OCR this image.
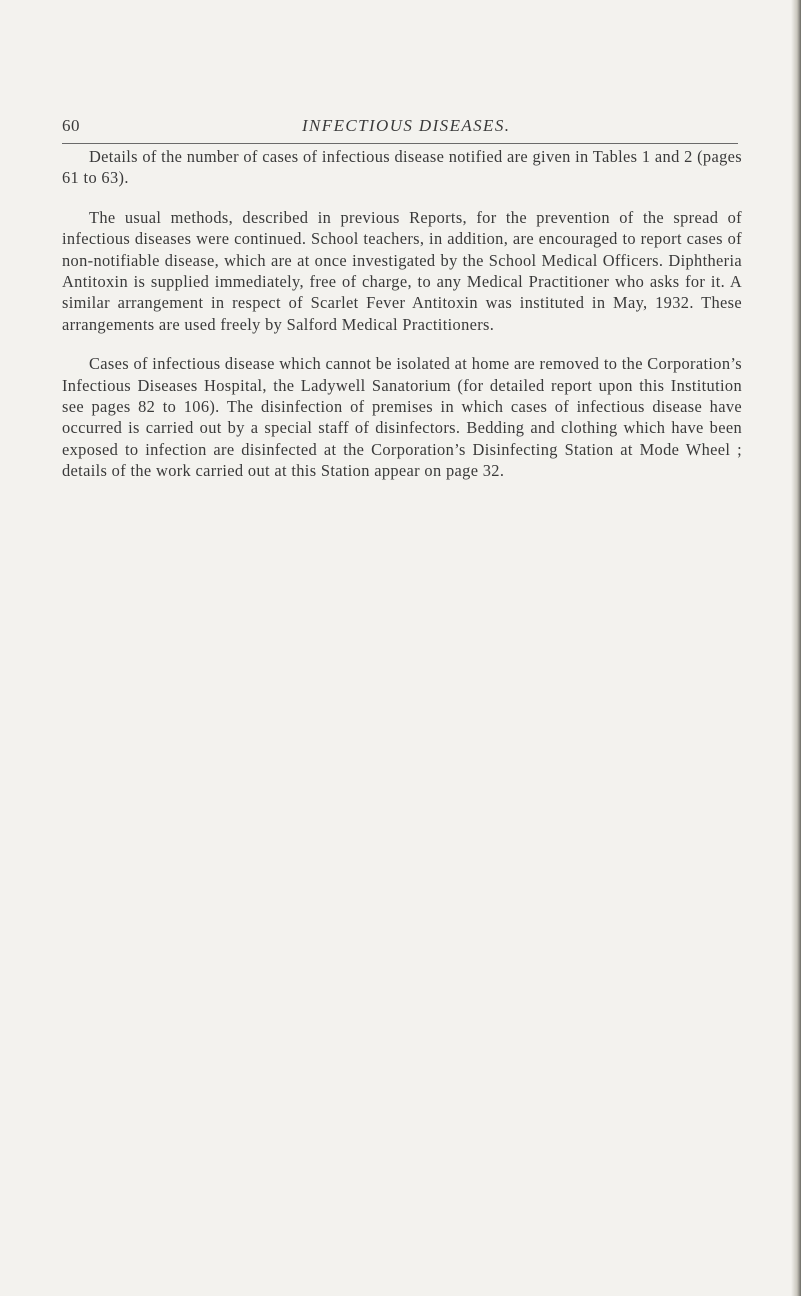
60	INFECTIOUS DISEASES.

Details of the number of cases of infectious disease notified are given in Tables 1 and 2 (pages 61 to 63).

The usual methods, described in previous Reports, for the prevention of the spread of infectious diseases were continued. School teachers, in addition, are encouraged to report cases of non-notifiable disease, which are at once investigated by the School Medical Officers. Diphtheria Antitoxin is supplied immediately, free of charge, to any Medical Practitioner who asks for it. A similar arrangement in respect of Scarlet Fever Antitoxin was instituted in May, 1932. These arrangements are used freely by Salford Medical Practitioners.

Cases of infectious disease which cannot be isolated at home are removed to the Corporation’s Infectious Diseases Hospital, the Ladywell Sanatorium (for detailed report upon this Institution see pages 82 to 106). The disinfection of premises in which cases of infectious disease have occurred is carried out by a special staff of disinfectors. Bedding and clothing which have been exposed to infection are disinfected at the Corporation’s Disinfecting Station at Mode Wheel ; details of the work carried out at this Station appear on page 32.
